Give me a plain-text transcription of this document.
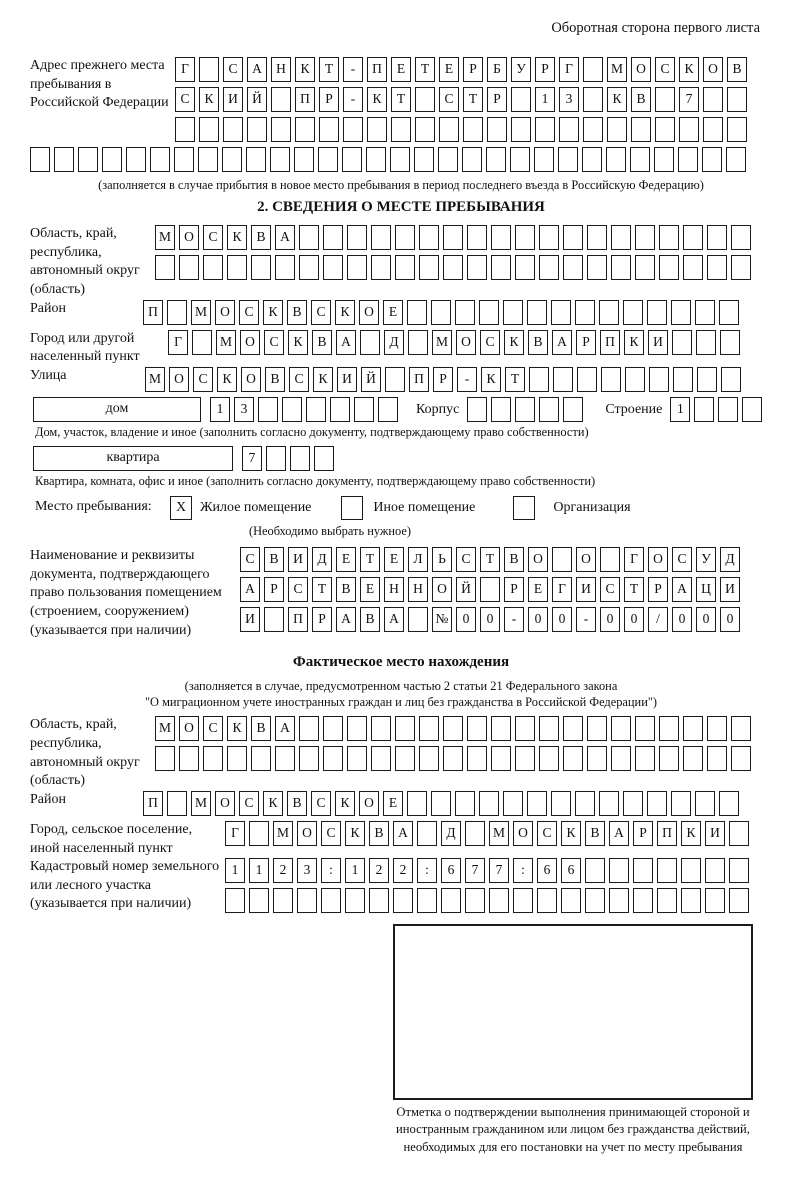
Оборотная сторона первого листа
Адрес прежнего места пребывания в Российской Федерации
Г	С А Н К Т - П Е Т Е Р Б У Р Г	М О С К О В
С К И Й	П Р - К Т	С Т Р	1 3	К В	7
(заполняется в случае прибытия в новое место пребывания в период последнего въезда в Российскую Федерацию)
2. СВЕДЕНИЯ О МЕСТЕ ПРЕБЫВАНИЯ
Область, край, республика, автономный округ (область)
М О С К В А
Район	П	М О С К В С К О Е
Город или другой населенный пункт
Г	М О С К В А	Д	М О С К В А Р П К И
Улица	М О С К О В С К И Й	П Р - К Т
дом	1 3	Корпус	Строение	1
Дом, участок, владение и иное (заполнить согласно документу, подтверждающему право собственности)
квартира	7
Квартира, комната, офис и иное (заполнить согласно документу, подтверждающему право собственности)
Место пребывания:	X Жилое помещение	Иное помещение	Организация
(Необходимо выбрать нужное)
Наименование и реквизиты документа, подтверждающего право пользования помещением (строением, сооружением) (указывается при наличии)
С В И Д Е Т Е Л Ь С Т В О	О	Г О С У Д
А Р С Т В Е Н Н О Й	Р Е Г И С Т Р А Ц И
И	П Р А В А	№ 0 0 - 0 0 - 0 0 / 0 0 0
Фактическое место нахождения
(заполняется в случае, предусмотренном частью 2 статьи 21 Федерального закона
"О миграционном учете иностранных граждан и лиц без гражданства в Российской Федерации")
Область, край, республика, автономный округ (область)
М О С К В А
Район	П	М О С К В С К О Е
Город, сельское поселение, иной населенный пункт
Г	М О С К В А	Д	М О С К В А Р П К И
Кадастровый номер земельного или лесного участка (указывается при наличии)
1 1 2 3 : 1 2 2 : 6 7 7 : 6 6
Отметка о подтверждении выполнения принимающей стороной и иностранным гражданином или лицом без гражданства действий, необходимых для его постановки на учет по месту пребывания
